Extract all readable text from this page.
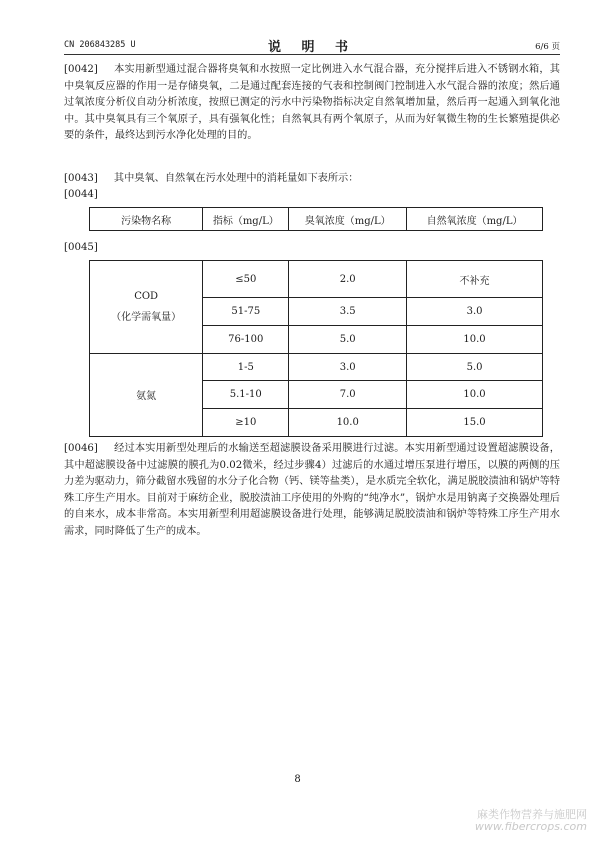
CN 206843285 U	说 明 书	6/6 页

[0042] 本实用新型通过混合器将臭氧和水按照一定比例进入水气混合器，充分搅拌后进入不锈钢水箱，其中臭氧反应器的作用一是存储臭氧，二是通过配套连接的气表和控制阀门控制进入水气混合器的浓度；然后通过氧浓度分析仪自动分析浓度，按照已测定的污水中污染物指标决定自然氧增加量，然后再一起通入到氧化池中。其中臭氧具有三个氧原子，具有强氧化性；自然氧具有两个氧原子，从而为好氧微生物的生长繁殖提供必要的条件，最终达到污水净化处理的目的。

[0043] 其中臭氧、自然氧在污水处理中的消耗量如下表所示：

[0044]
污染物名称	指标（mg/L）	臭氧浓度（mg/L）	自然氧浓度（mg/L）
[0045]
COD
（化学需氧量）	≤50	2.0	不补充
	51-75	3.5	3.0
	76-100	5.0	10.0

氨氮	1-5	3.0	5.0
	5.1-10	7.0	10.0
	≥10	10.0	15.0

[0046] 经过本实用新型处理后的水输送至超滤膜设备采用膜进行过滤。本实用新型通过设置超滤膜设备，其中超滤膜设备中过滤膜的膜孔为0.02微米，经过步骤4）过滤后的水通过增压泵进行增压，以膜的两侧的压力差为驱动力，筛分截留水残留的水分子化合物（钙、镁等盐类），是水质完全软化，满足脱胶渍油和锅炉等特殊工序生产用水。目前对于麻纺企业，脱胶渍油工序使用的外购的“纯净水”，锅炉水是用钠离子交换器处理后的自来水，成本非常高。本实用新型利用超滤膜设备进行处理，能够满足脱胶渍油和锅炉等特殊工序生产用水需求，同时降低了生产的成本。

8
麻类作物营养与施肥网
www.fibercrops.com
